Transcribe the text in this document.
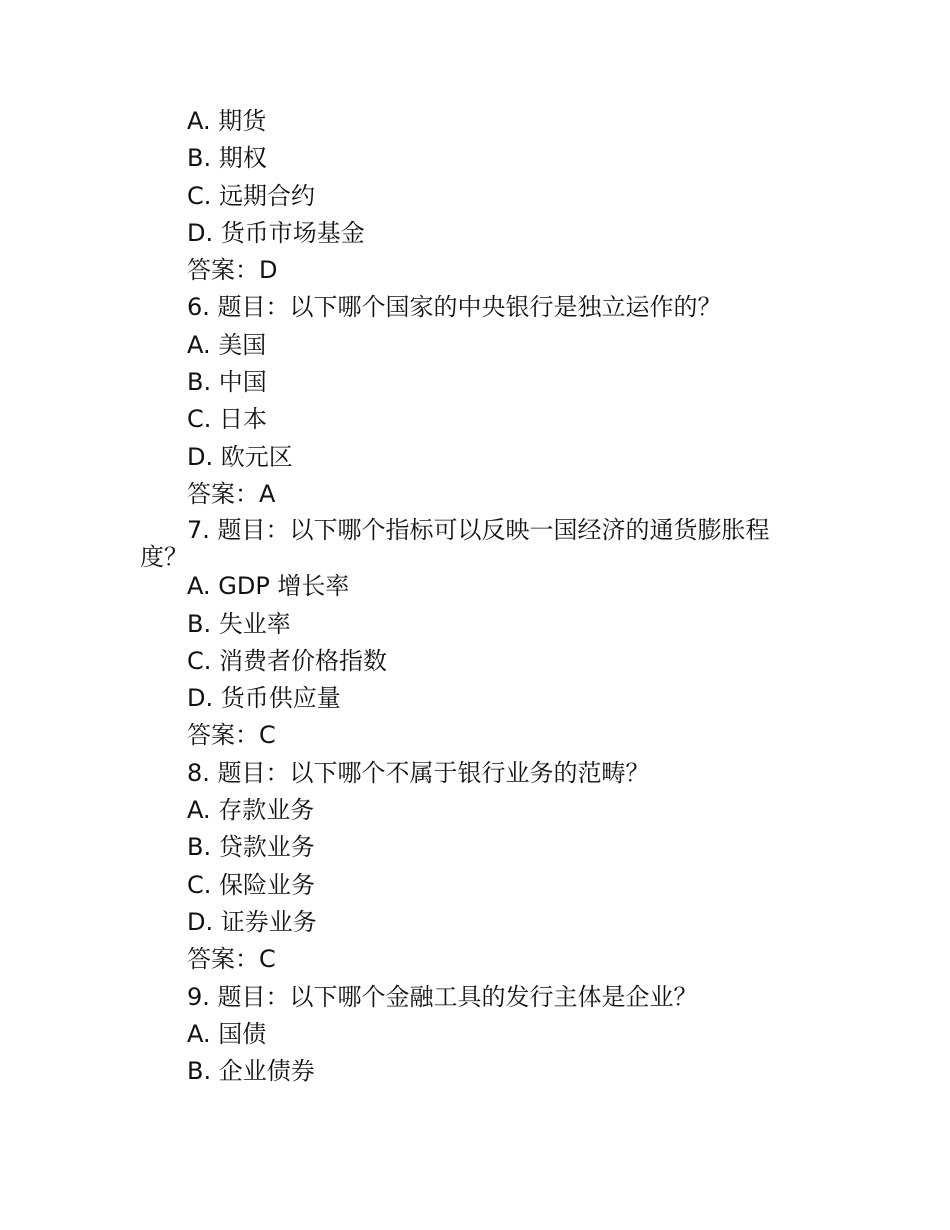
A. 期货
B. 期权
C. 远期合约
D. 货币市场基金
答案：D
6. 题目：以下哪个国家的中央银行是独立运作的？
A. 美国
B. 中国
C. 日本
D. 欧元区
答案：A
7. 题目：以下哪个指标可以反映一国经济的通货膨胀程
度？
A. GDP 增长率
B. 失业率
C. 消费者价格指数
D. 货币供应量
答案：C
8. 题目：以下哪个不属于银行业务的范畴？
A. 存款业务
B. 贷款业务
C. 保险业务
D. 证券业务
答案：C
9. 题目：以下哪个金融工具的发行主体是企业？
A. 国债
B. 企业债券
